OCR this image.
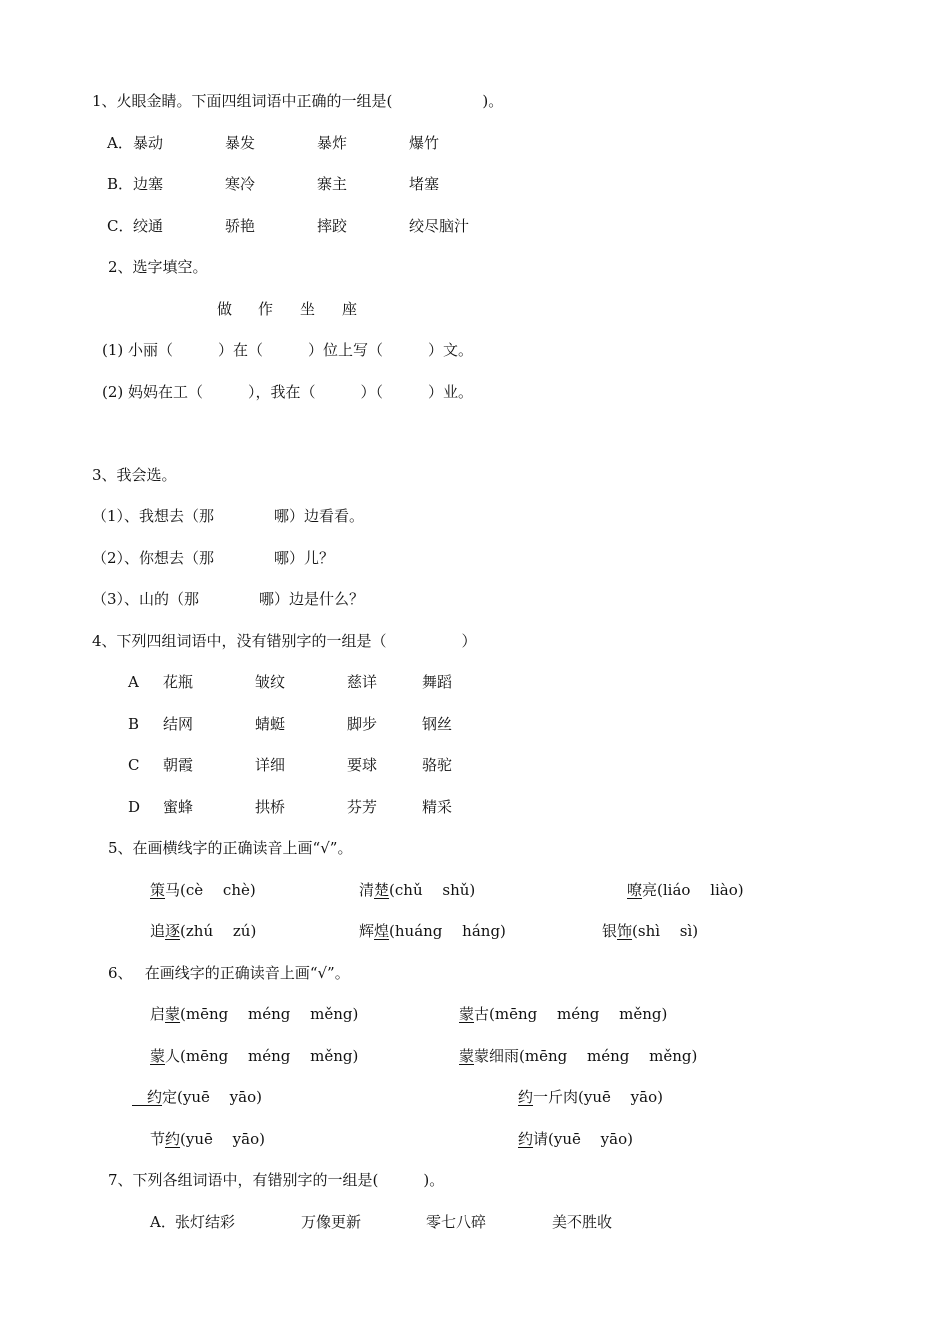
1、火眼金睛。下面四组词语中正确的一组是(　　　　　　)。
A． 暴动	暴发	暴炸	爆竹
B． 边塞	寒冷	寨主	堵塞
C． 绞通	骄艳	摔跤	绞尽脑汁
2、选字填空。
做 作 坐 座
(1) 小丽（　　　）在（　　　）位上写（　　　）文。
(2) 妈妈在工（　　　），我在（　　　）（　　　）业。
3、我会选。
（1）、我想去（那　　　　哪）边看看。
（2）、你想去（那　　　　哪）儿？
（3）、山的（那　　　　哪）边是什么？
4、下列四组词语中，没有错别字的一组是（　　　　　）
A 花瓶	皱纹	慈详	舞蹈
B 结网	蜻蜓	脚步	钢丝
C 朝霞	详细	要球	骆驼
D 蜜蜂	拱桥	芬芳	精采
5、在画横线字的正确读音上画“√”。
策马(cè　 chè)	清楚(chǔ　 shǔ)	嘹亮(liáo　 liào)
追逐(zhú　 zú)	辉煌(huáng　 háng)	银饰(shì　 sì)
6、　 在画线字的正确读音上画“√”。
启蒙(mēng　 méng　 měng)	蒙古(mēng　 méng　 měng)
蒙人(mēng　 méng　 měng)	蒙蒙细雨(mēng　 méng　 měng)
　约定(yuē　 yāo)	约一斤肉(yuē　 yāo)
节约(yuē　 yāo)	约请(yuē　 yāo)
7、下列各组词语中，有错别字的一组是(　　　)。
A． 张灯结彩	万像更新	零七八碎	美不胜收
